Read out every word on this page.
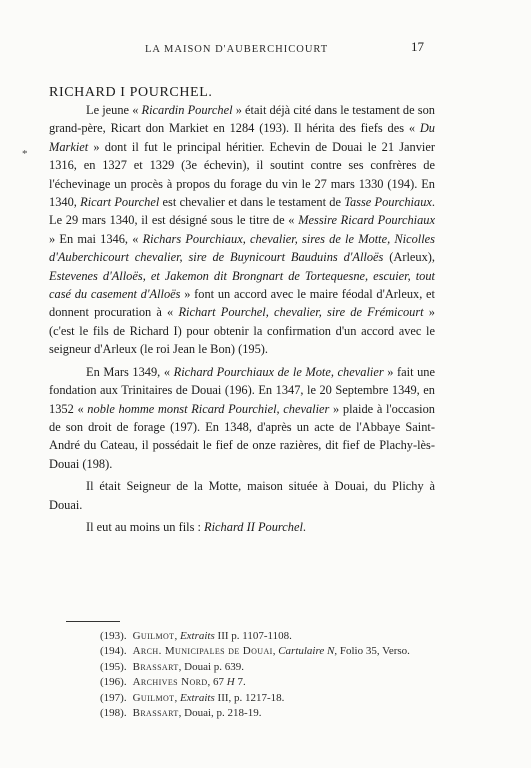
LA MAISON D'AUBERCHICOURT	17
RICHARD I POURCHEL.
*

Le jeune « Ricardin Pourchel » était déjà cité dans le testament de son grand-père, Ricart don Markiet en 1284 (193). Il hérita des fiefs des « Du Markiet » dont il fut le principal héritier. Echevin de Douai le 21 Janvier 1316, en 1327 et 1329 (3e échevin), il soutint contre ses confrères de l'échevinage un procès à propos du forage du vin le 27 mars 1330 (194). En 1340, Ricart Pourchel est chevalier et dans le testament de Tasse Pourchiaux. Le 29 mars 1340, il est désigné sous le titre de « Messire Ricard Pourchiaux » En mai 1346, « Richars Pourchiaux, chevalier, sires de le Motte, Nicolles d'Auberchicourt chevalier, sire de Buynicourt Bauduins d'Alloës (Arleux), Estevenes d'Alloës, et Jakemon dit Brongnart de Tortequesne, escuier, tout casé du casement d'Alloës » font un accord avec le maire féodal d'Arleux, et donnent procuration à « Richart Pourchel, chevalier, sire de Frémicourt » (c'est le fils de Richard I) pour obtenir la confirmation d'un accord avec le seigneur d'Arleux (le roi Jean le Bon) (195).

En Mars 1349, « Richard Pourchiaux de le Mote, chevalier » fait une fondation aux Trinitaires de Douai (196). En 1347, le 20 Septembre 1349, en 1352 « noble homme monst Ricard Pourchiel, chevalier » plaide à l'occasion de son droit de forage (197). En 1348, d'après un acte de l'Abbaye Saint-André du Cateau, il possédait le fief de onze razières, dit fief de Plachy-lès-Douai (198).

Il était Seigneur de la Motte, maison située à Douai, du Plichy à Douai.

Il eut au moins un fils : Richard II Pourchel.

(193). Guilmot, Extraits III p. 1107-1108.
(194). Arch. Municipales de Douai, Cartulaire N, Folio 35, Verso.
(195). Brassart, Douai p. 639.
(196). Archives Nord, 67 H 7.
(197). Guilmot, Extraits III, p. 1217-18.
(198). Brassart, Douai, p. 218-19.
